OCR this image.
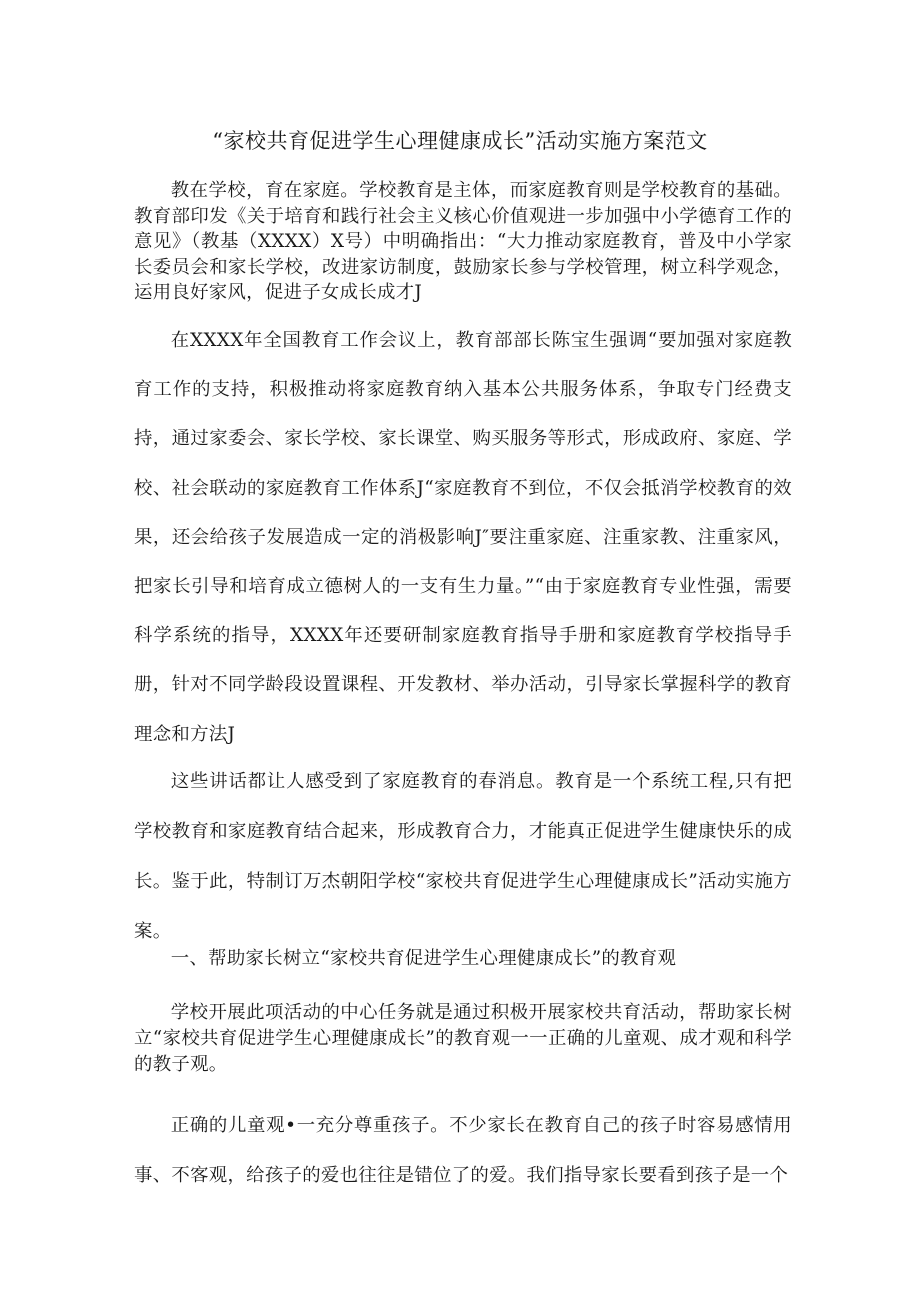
“家校共育促进学生心理健康成长”活动实施方案范文

教在学校，育在家庭。学校教育是主体，而家庭教育则是学校教育的基础。教育部印发《关于培育和践行社会主义核心价值观进一步加强中小学德育工作的意见》（教基（XXXX）X号）中明确指出：“大力推动家庭教育，普及中小学家长委员会和家长学校，改进家访制度，鼓励家长参与学校管理，树立科学观念，运用良好家风，促进子女成长成才J

在XXXX年全国教育工作会议上，教育部部长陈宝生强调“要加强对家庭教育工作的支持，积极推动将家庭教育纳入基本公共服务体系，争取专门经费支持，通过家委会、家长学校、家长课堂、购买服务等形式，形成政府、家庭、学校、社会联动的家庭教育工作体系J“家庭教育不到位，不仅会抵消学校教育的效果，还会给孩子发展造成一定的消极影响J″要注重家庭、注重家教、注重家风，把家长引导和培育成立德树人的一支有生力量。”“由于家庭教育专业性强，需要科学系统的指导，XXXX年还要研制家庭教育指导手册和家庭教育学校指导手册，针对不同学龄段设置课程、开发教材、举办活动，引导家长掌握科学的教育理念和方法J

这些讲话都让人感受到了家庭教育的春消息。教育是一个系统工程,只有把学校教育和家庭教育结合起来，形成教育合力，才能真正促进学生健康快乐的成长。鉴于此，特制订万杰朝阳学校“家校共育促进学生心理健康成长”活动实施方案。

一、帮助家长树立“家校共育促进学生心理健康成长”的教育观

学校开展此项活动的中心任务就是通过积极开展家校共育活动，帮助家长树立“家校共育促进学生心理健康成长”的教育观一一正确的儿童观、成才观和科学的教子观。

正确的儿童观•一充分尊重孩子。不少家长在教育自己的孩子时容易感情用事、不客观，给孩子的爱也往往是错位了的爱。我们指导家长要看到孩子是一个
